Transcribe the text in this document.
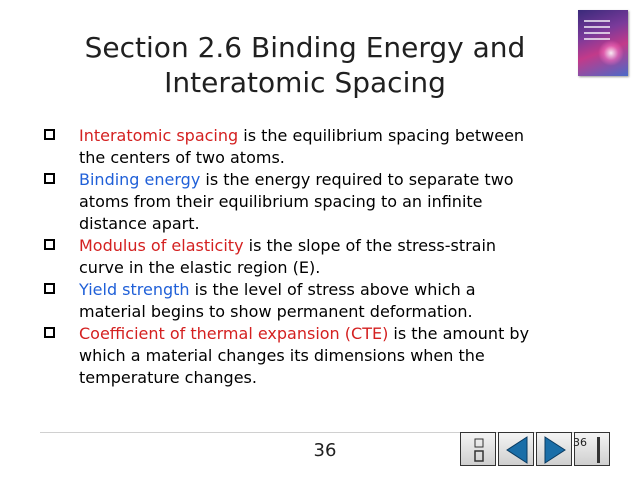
Section 2.6 Binding Energy and
Interatomic Spacing
Interatomic spacing is the equilibrium spacing between
the centers of two atoms.
Binding energy is the energy required to separate two
atoms from their equilibrium spacing to an infinite
distance apart.
Modulus of elasticity is the slope of the stress-strain
curve in the elastic region (E).
Yield strength is the level of stress above which a
material begins to show permanent deformation.
Coefficient of thermal expansion (CTE) is the amount by
which a material changes its dimensions when the
temperature changes.
36	36
